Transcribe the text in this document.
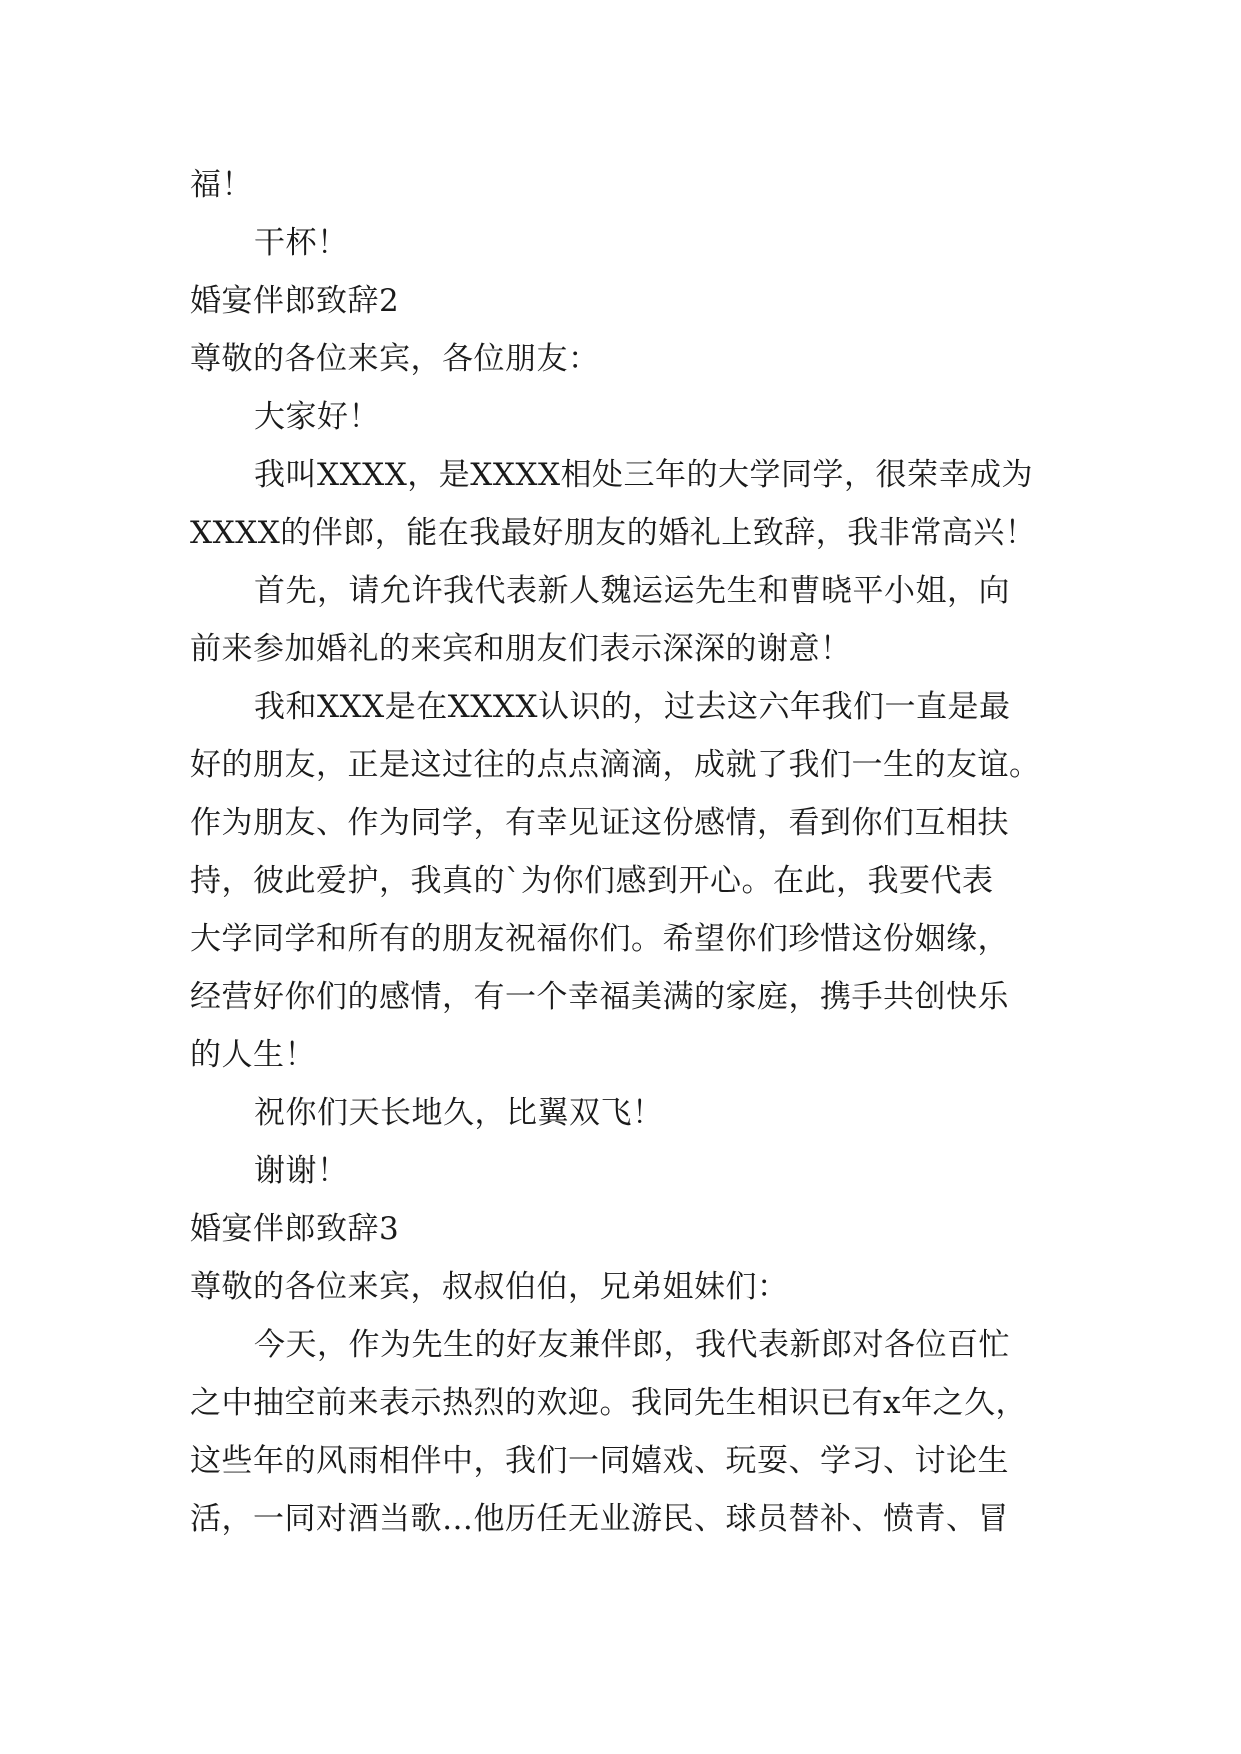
福！
干杯！
婚宴伴郎致辞2
尊敬的各位来宾，各位朋友：
大家好！
我叫XXXX，是XXXX相处三年的大学同学，很荣幸成为
XXXX的伴郎，能在我最好朋友的婚礼上致辞，我非常高兴！
首先，请允许我代表新人魏运运先生和曹晓平小姐，向
前来参加婚礼的来宾和朋友们表示深深的谢意！
我和XXX是在XXXX认识的，过去这六年我们一直是最
好的朋友，正是这过往的点点滴滴，成就了我们一生的友谊。
作为朋友、作为同学，有幸见证这份感情，看到你们互相扶
持，彼此爱护，我真的`为你们感到开心。在此，我要代表
大学同学和所有的朋友祝福你们。希望你们珍惜这份姻缘，
经营好你们的感情，有一个幸福美满的家庭，携手共创快乐
的人生！
祝你们天长地久，比翼双飞！
谢谢！
婚宴伴郎致辞3
尊敬的各位来宾，叔叔伯伯，兄弟姐妹们：
今天，作为先生的好友兼伴郎，我代表新郎对各位百忙
之中抽空前来表示热烈的欢迎。我同先生相识已有x年之久，
这些年的风雨相伴中，我们一同嬉戏、玩耍、学习、讨论生
活，一同对酒当歌…他历任无业游民、球员替补、愤青、冒
